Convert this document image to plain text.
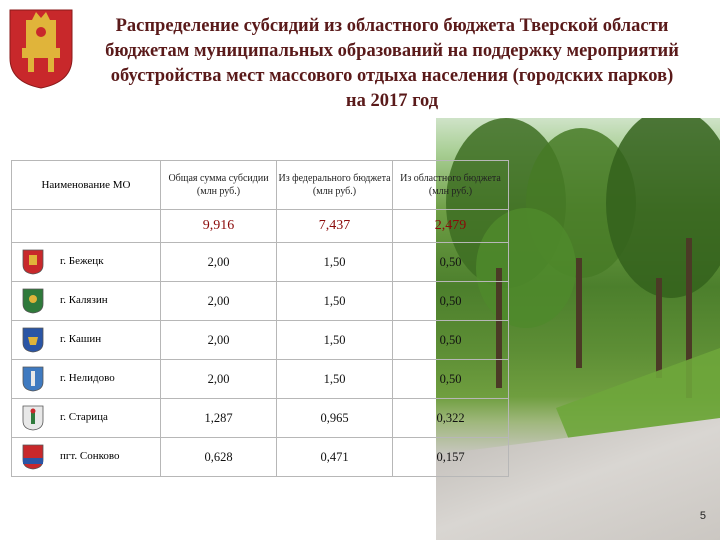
Распределение субсидий из областного бюджета Тверской области бюджетам муниципальных образований на поддержку мероприятий обустройства мест массового отдыха населения (городских парков) на 2017 год
Наименование МО	Общая сумма субсидии (млн руб.)	Из федерального бюджета (млн руб.)	Из областного бюджета (млн руб.)
	9,916	7,437	2,479

г. Бежецк	2,00	1,50	0,50

г. Калязин	2,00	1,50	0,50

г. Кашин	2,00	1,50	0,50

г. Нелидово	2,00	1,50	0,50

г. Старица	1,287	0,965	0,322

пгт. Сонково	0,628	0,471	0,157
5
